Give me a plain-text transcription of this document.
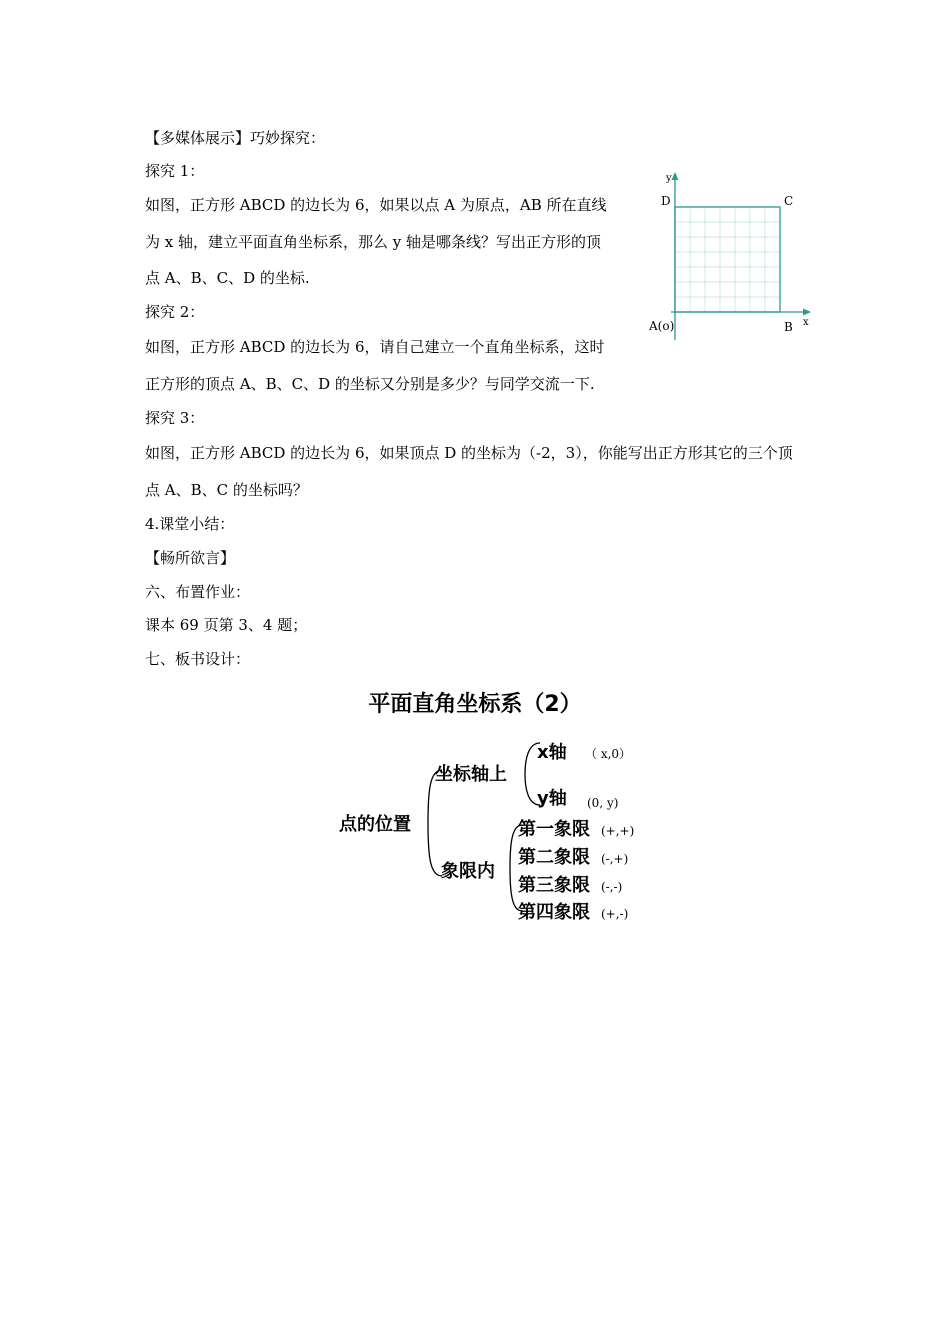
【多媒体展示】巧妙探究：

探究 1：

如图，正方形 ABCD 的边长为 6，如果以点 A 为原点，AB 所在直线

为 x 轴，建立平面直角坐标系，那么 y 轴是哪条线？写出正方形的顶

点 A、B、C、D 的坐标.

探究 2：

如图，正方形 ABCD 的边长为 6，请自己建立一个直角坐标系，这时

正方形的顶点 A、B、C、D 的坐标又分别是多少？与同学交流一下.

探究 3：

如图，正方形 ABCD 的边长为 6，如果顶点 D 的坐标为（-2，3），你能写出正方形其它的三个顶

点 A、B、C 的坐标吗？

4.课堂小结：

【畅所欲言】

六、布置作业：

课本 69 页第 3、4 题；

七、板书设计：

y
x
D	C
A(o)	B
平面直角坐标系（2）
点的位置
坐标轴上
象限内
x轴 （ x,0）
y轴 (0, y)
第一象限 (+,+)
第二象限 (-,+)
第三象限 (-,-)
第四象限 (+,-)
